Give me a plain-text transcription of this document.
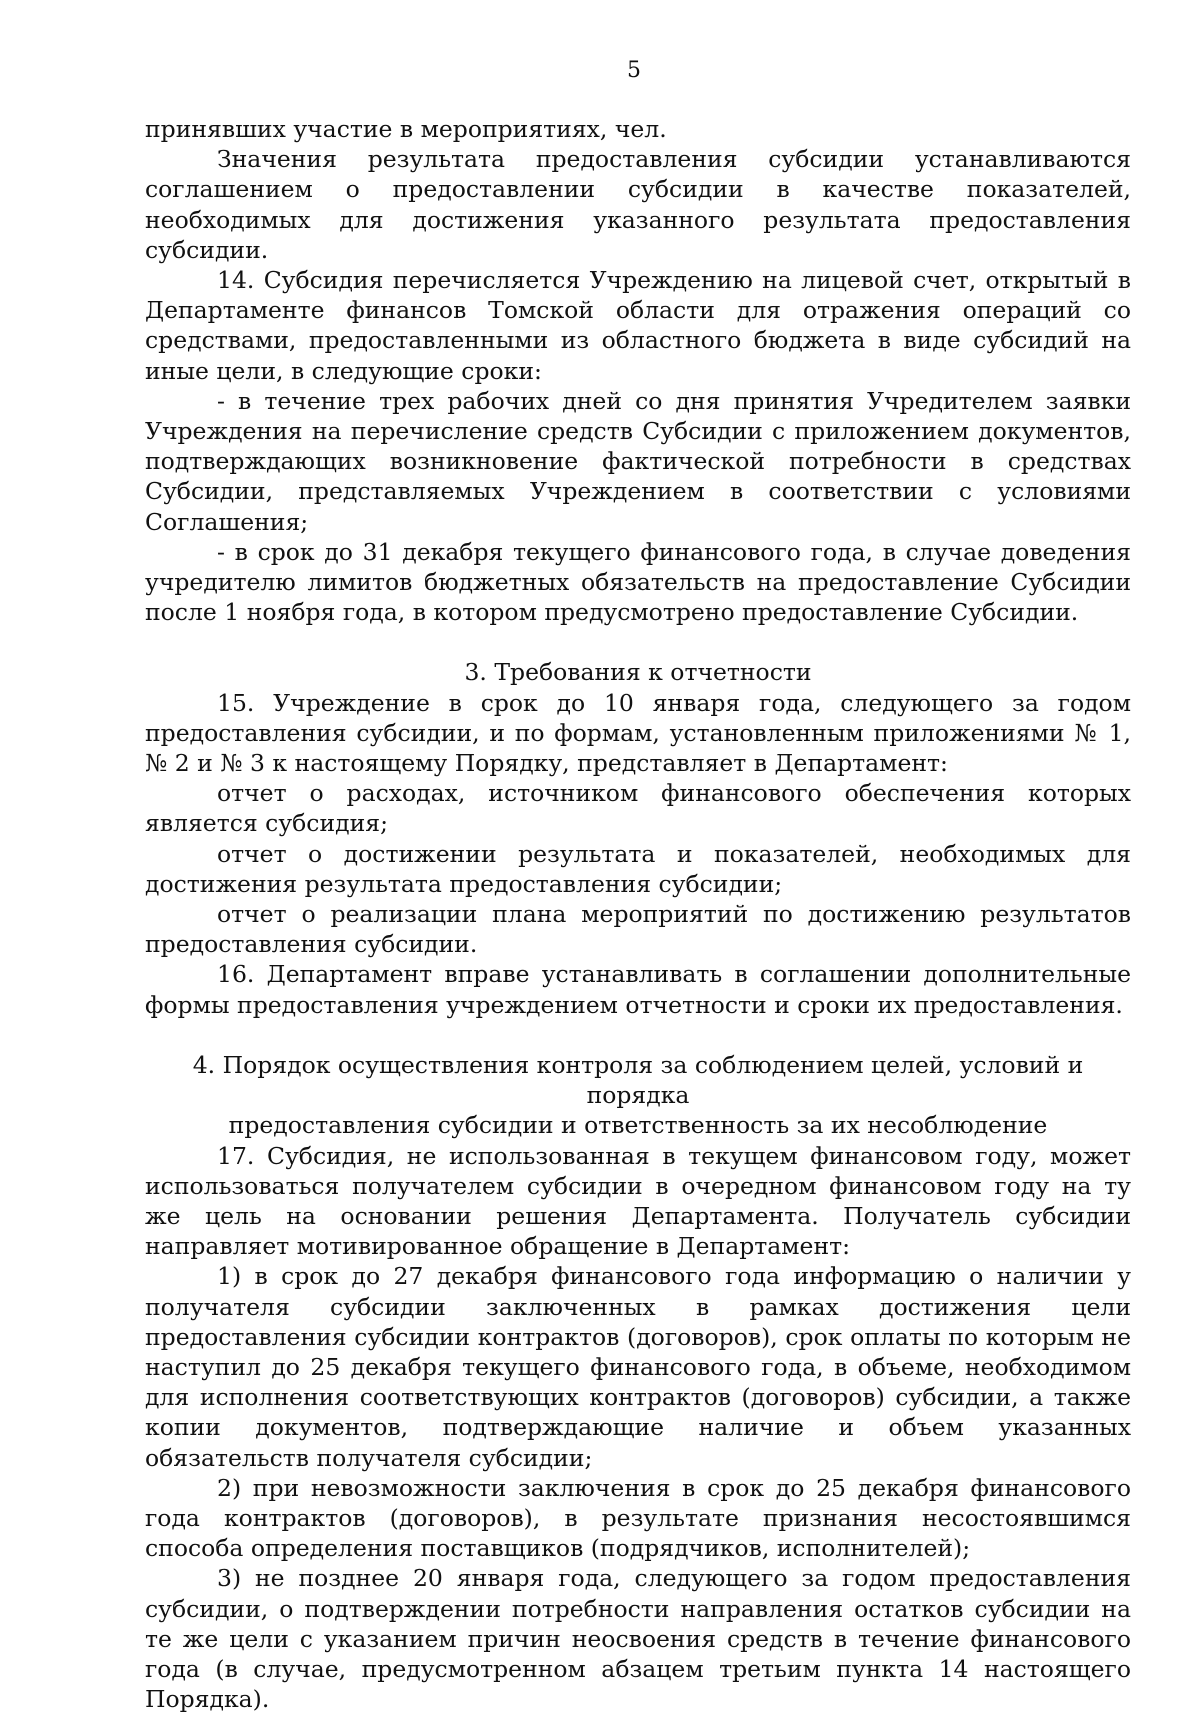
5

принявших участие в мероприятиях, чел.

Значения результата предоставления субсидии устанавливаются соглашением о предоставлении субсидии в качестве показателей, необходимых для достижения указанного результата предоставления субсидии.

14. Субсидия перечисляется Учреждению на лицевой счет, открытый в Департаменте финансов Томской области для отражения операций со средствами, предоставленными из областного бюджета в виде субсидий на иные цели, в следующие сроки:

- в течение трех рабочих дней со дня принятия Учредителем заявки Учреждения на перечисление средств Субсидии с приложением документов, подтверждающих возникновение фактической потребности в средствах Субсидии, представляемых Учреждением в соответствии с условиями Соглашения;

- в срок до 31 декабря текущего финансового года, в случае доведения учредителю лимитов бюджетных обязательств на предоставление Субсидии после 1 ноября года, в котором предусмотрено предоставление Субсидии.

3. Требования к отчетности

15. Учреждение в срок до 10 января года, следующего за годом предоставления субсидии, и по формам, установленным приложениями № 1, № 2 и № 3 к настоящему Порядку, представляет в Департамент:

отчет о расходах, источником финансового обеспечения которых является субсидия;

отчет о достижении результата и показателей, необходимых для достижения результата предоставления субсидии;

отчет о реализации плана мероприятий по достижению результатов предоставления субсидии.

16. Департамент вправе устанавливать в соглашении дополнительные формы предоставления учреждением отчетности и сроки их предоставления.

4. Порядок осуществления контроля за соблюдением целей, условий и порядка

предоставления субсидии и ответственность за их несоблюдение

17. Субсидия, не использованная в текущем финансовом году, может использоваться получателем субсидии в очередном финансовом году на ту же цель на основании решения Департамента. Получатель субсидии направляет мотивированное обращение в Департамент:

1) в срок до 27 декабря финансового года информацию о наличии у получателя субсидии заключенных в рамках достижения цели предоставления субсидии контрактов (договоров), срок оплаты по которым не наступил до 25 декабря текущего финансового года, в объеме, необходимом для исполнения соответствующих контрактов (договоров) субсидии, а также копии документов, подтверждающие наличие и объем указанных обязательств получателя субсидии;

2) при невозможности заключения в срок до 25 декабря финансового года контрактов (договоров), в результате признания несостоявшимся способа определения поставщиков (подрядчиков, исполнителей);

3) не позднее 20 января года, следующего за годом предоставления субсидии, о подтверждении потребности направления остатков субсидии на те же цели с указанием причин неосвоения средств в течение финансового года (в случае, предусмотренном абзацем третьим пункта 14 настоящего Порядка).
